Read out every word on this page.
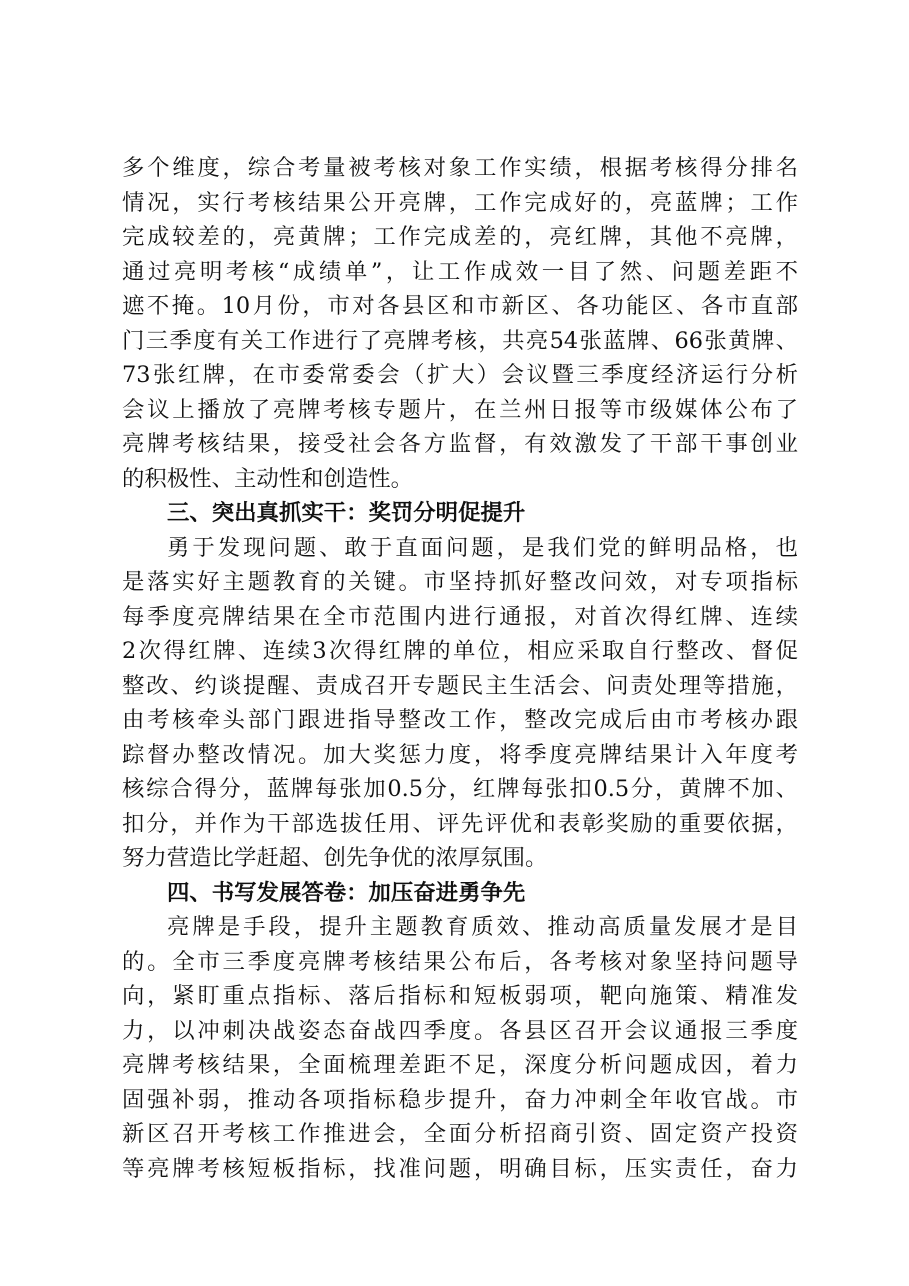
多个维度，综合考量被考核对象工作实绩，根据考核得分排名
情况，实行考核结果公开亮牌，工作完成好的，亮蓝牌；工作
完成较差的，亮黄牌；工作完成差的，亮红牌，其他不亮牌，
通过亮明考核“成绩单”，让工作成效一目了然、问题差距不
遮不掩。10月份，市对各县区和市新区、各功能区、各市直部
门三季度有关工作进行了亮牌考核，共亮54张蓝牌、66张黄牌、
73张红牌，在市委常委会（扩大）会议暨三季度经济运行分析
会议上播放了亮牌考核专题片，在兰州日报等市级媒体公布了
亮牌考核结果，接受社会各方监督，有效激发了干部干事创业
的积极性、主动性和创造性。
三、突出真抓实干：奖罚分明促提升
勇于发现问题、敢于直面问题，是我们党的鲜明品格，也
是落实好主题教育的关键。市坚持抓好整改问效，对专项指标
每季度亮牌结果在全市范围内进行通报，对首次得红牌、连续
2次得红牌、连续3次得红牌的单位，相应采取自行整改、督促
整改、约谈提醒、责成召开专题民主生活会、问责处理等措施，
由考核牵头部门跟进指导整改工作，整改完成后由市考核办跟
踪督办整改情况。加大奖惩力度，将季度亮牌结果计入年度考
核综合得分，蓝牌每张加0.5分，红牌每张扣0.5分，黄牌不加、
扣分，并作为干部选拔任用、评先评优和表彰奖励的重要依据，
努力营造比学赶超、创先争优的浓厚氛围。
四、书写发展答卷：加压奋进勇争先
亮牌是手段，提升主题教育质效、推动高质量发展才是目
的。全市三季度亮牌考核结果公布后，各考核对象坚持问题导
向，紧盯重点指标、落后指标和短板弱项，靶向施策、精准发
力，以冲刺决战姿态奋战四季度。各县区召开会议通报三季度
亮牌考核结果，全面梳理差距不足，深度分析问题成因，着力
固强补弱，推动各项指标稳步提升，奋力冲刺全年收官战。市
新区召开考核工作推进会，全面分析招商引资、固定资产投资
等亮牌考核短板指标，找准问题，明确目标，压实责任，奋力
